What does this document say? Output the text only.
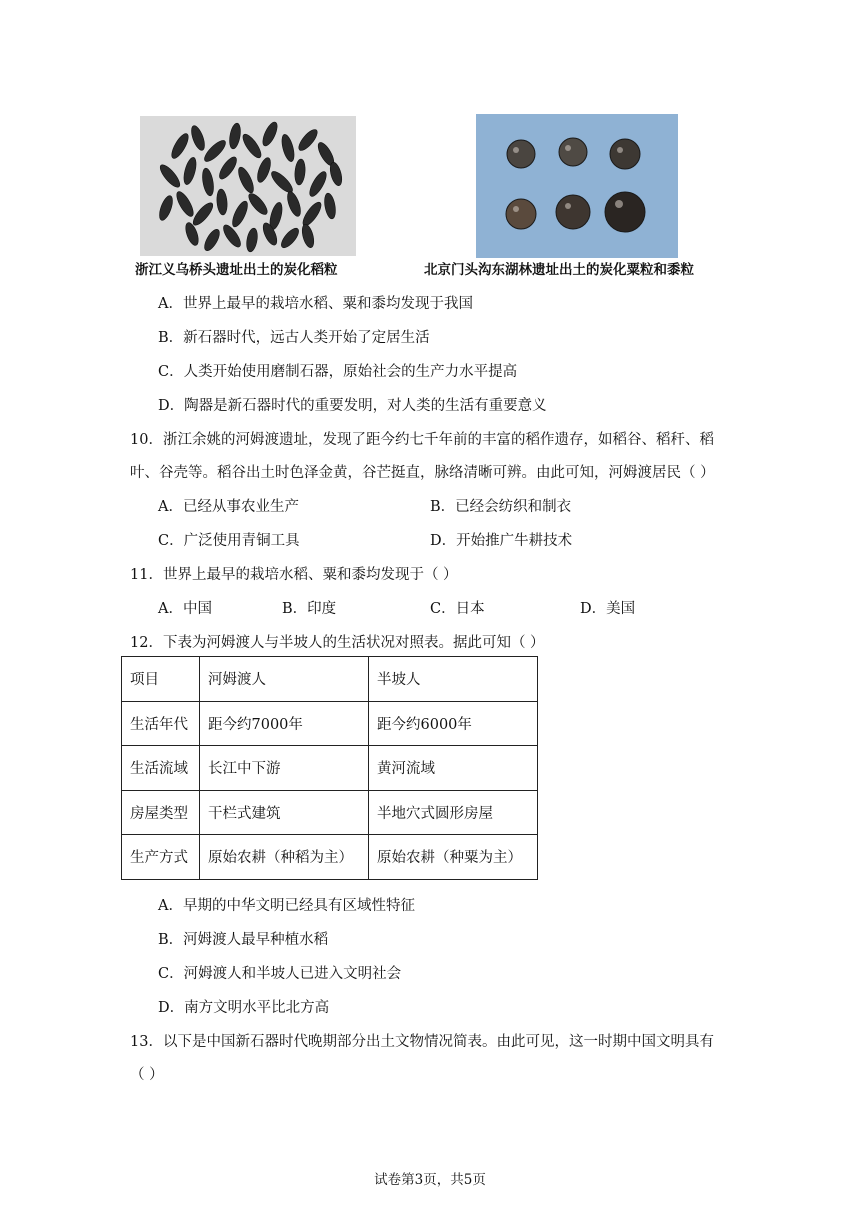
浙江义乌桥头遗址出土的炭化稻粒	北京门头沟东湖林遗址出土的炭化粟粒和黍粒
A．世界上最早的栽培水稻、粟和黍均发现于我国
B．新石器时代，远古人类开始了定居生活
C．人类开始使用磨制石器，原始社会的生产力水平提高
D．陶器是新石器时代的重要发明，对人类的生活有重要意义
10．浙江余姚的河姆渡遗址，发现了距今约七千年前的丰富的稻作遗存，如稻谷、稻秆、稻
叶、谷壳等。稻谷出土时色泽金黄，谷芒挺直，脉络清晰可辨。由此可知，河姆渡居民（ ）
A．已经从事农业生产	B．已经会纺织和制衣
C．广泛使用青铜工具	D．开始推广牛耕技术
11．世界上最早的栽培水稻、粟和黍均发现于（ ）
A．中国	B．印度	C．日本	D．美国
12．下表为河姆渡人与半坡人的生活状况对照表。据此可知（ ）
项目	河姆渡人	半坡人
生活年代	距今约7000年	距今约6000年
生活流域	长江中下游	黄河流域
房屋类型	干栏式建筑	半地穴式圆形房屋
生产方式	原始农耕（种稻为主）	原始农耕（种粟为主）
A．早期的中华文明已经具有区域性特征
B．河姆渡人最早种植水稻
C．河姆渡人和半坡人已进入文明社会
D．南方文明水平比北方高
13．以下是中国新石器时代晚期部分出土文物情况简表。由此可见，这一时期中国文明具有
（ ）
试卷第3页，共5页
